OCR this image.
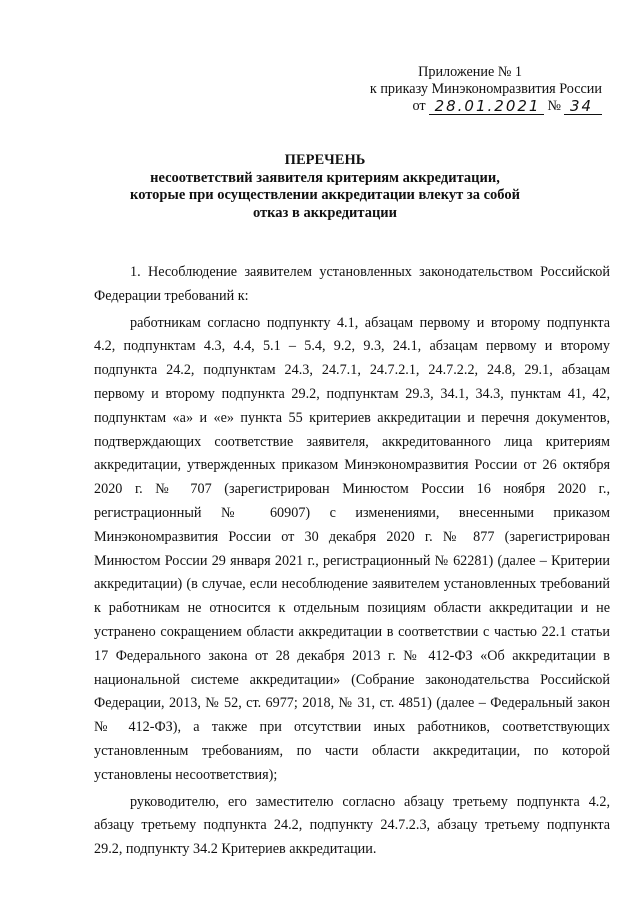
Приложение № 1
к приказу Минэкономразвития России
от 28.01.2021 № 34
ПЕРЕЧЕНЬ
несоответствий заявителя критериям аккредитации,
которые при осуществлении аккредитации влекут за собой
отказ в аккредитации

1. Несоблюдение заявителем установленных законодательством Российской Федерации требований к:

работникам согласно подпункту 4.1, абзацам первому и второму подпункта 4.2, подпунктам 4.3, 4.4, 5.1 – 5.4, 9.2, 9.3, 24.1, абзацам первому и второму подпункта 24.2, подпунктам 24.3, 24.7.1, 24.7.2.1, 24.7.2.2, 24.8, 29.1, абзацам первому и второму подпункта 29.2, подпунктам 29.3, 34.1, 34.3, пунктам 41, 42, подпунктам «а» и «е» пункта 55 критериев аккредитации и перечня документов, подтверждающих соответствие заявителя, аккредитованного лица критериям аккредитации, утвержденных приказом Минэкономразвития России от 26 октября 2020 г. № 707 (зарегистрирован Минюстом России 16 ноября 2020 г., регистрационный № 60907) с изменениями, внесенными приказом Минэкономразвития России от 30 декабря 2020 г. № 877 (зарегистрирован Минюстом России 29 января 2021 г., регистрационный № 62281) (далее – Критерии аккредитации) (в случае, если несоблюдение заявителем установленных требований к работникам не относится к отдельным позициям области аккредитации и не устранено сокращением области аккредитации в соответствии с частью 22.1 статьи 17 Федерального закона от 28 декабря 2013 г. № 412-ФЗ «Об аккредитации в национальной системе аккредитации» (Собрание законодательства Российской Федерации, 2013, № 52, ст. 6977; 2018, № 31, ст. 4851) (далее – Федеральный закон № 412-ФЗ), а также при отсутствии иных работников, соответствующих установленным требованиям, по части области аккредитации, по которой установлены несоответствия);

руководителю, его заместителю согласно абзацу третьему подпункта 4.2, абзацу третьему подпункта 24.2, подпункту 24.7.2.3, абзацу третьему подпункта 29.2, подпункту 34.2 Критериев аккредитации.
